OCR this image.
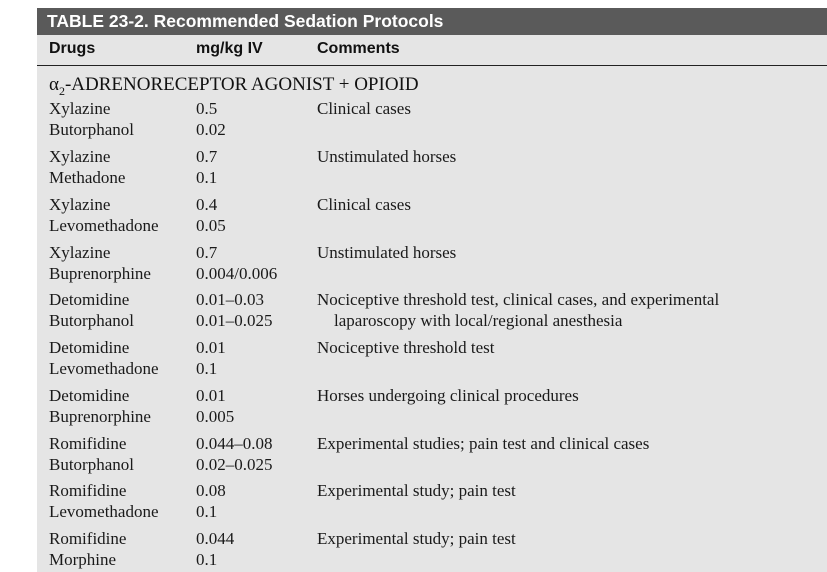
TABLE 23-2. Recommended Sedation Protocols
Drugs	mg/kg IV	Comments
$\alpha_2$-ADRENORECEPTOR AGONIST + OPIOID
Xylazine	0.5	Clinical cases
Butorphanol	0.02
Xylazine	0.7	Unstimulated horses
Methadone	0.1
Xylazine	0.4	Clinical cases
Levomethadone 0.05
Xylazine	0.7	Unstimulated horses
Buprenorphine	0.004/0.006
Detomidine	0.01–0.03	Nociceptive threshold test, clinical cases, and experimental
Butorphanol	0.01–0.025	laparoscopy with local/regional anesthesia
Detomidine	0.01	Nociceptive threshold test
Levomethadone 0.1
Detomidine	0.01	Horses undergoing clinical procedures
Buprenorphine	0.005
Romifidine	0.044–0.08	Experimental studies; pain test and clinical cases
Butorphanol	0.02–0.025
Romifidine	0.08	Experimental study; pain test
Levomethadone 0.1
Romifidine	0.044	Experimental study; pain test
Morphine	0.1
